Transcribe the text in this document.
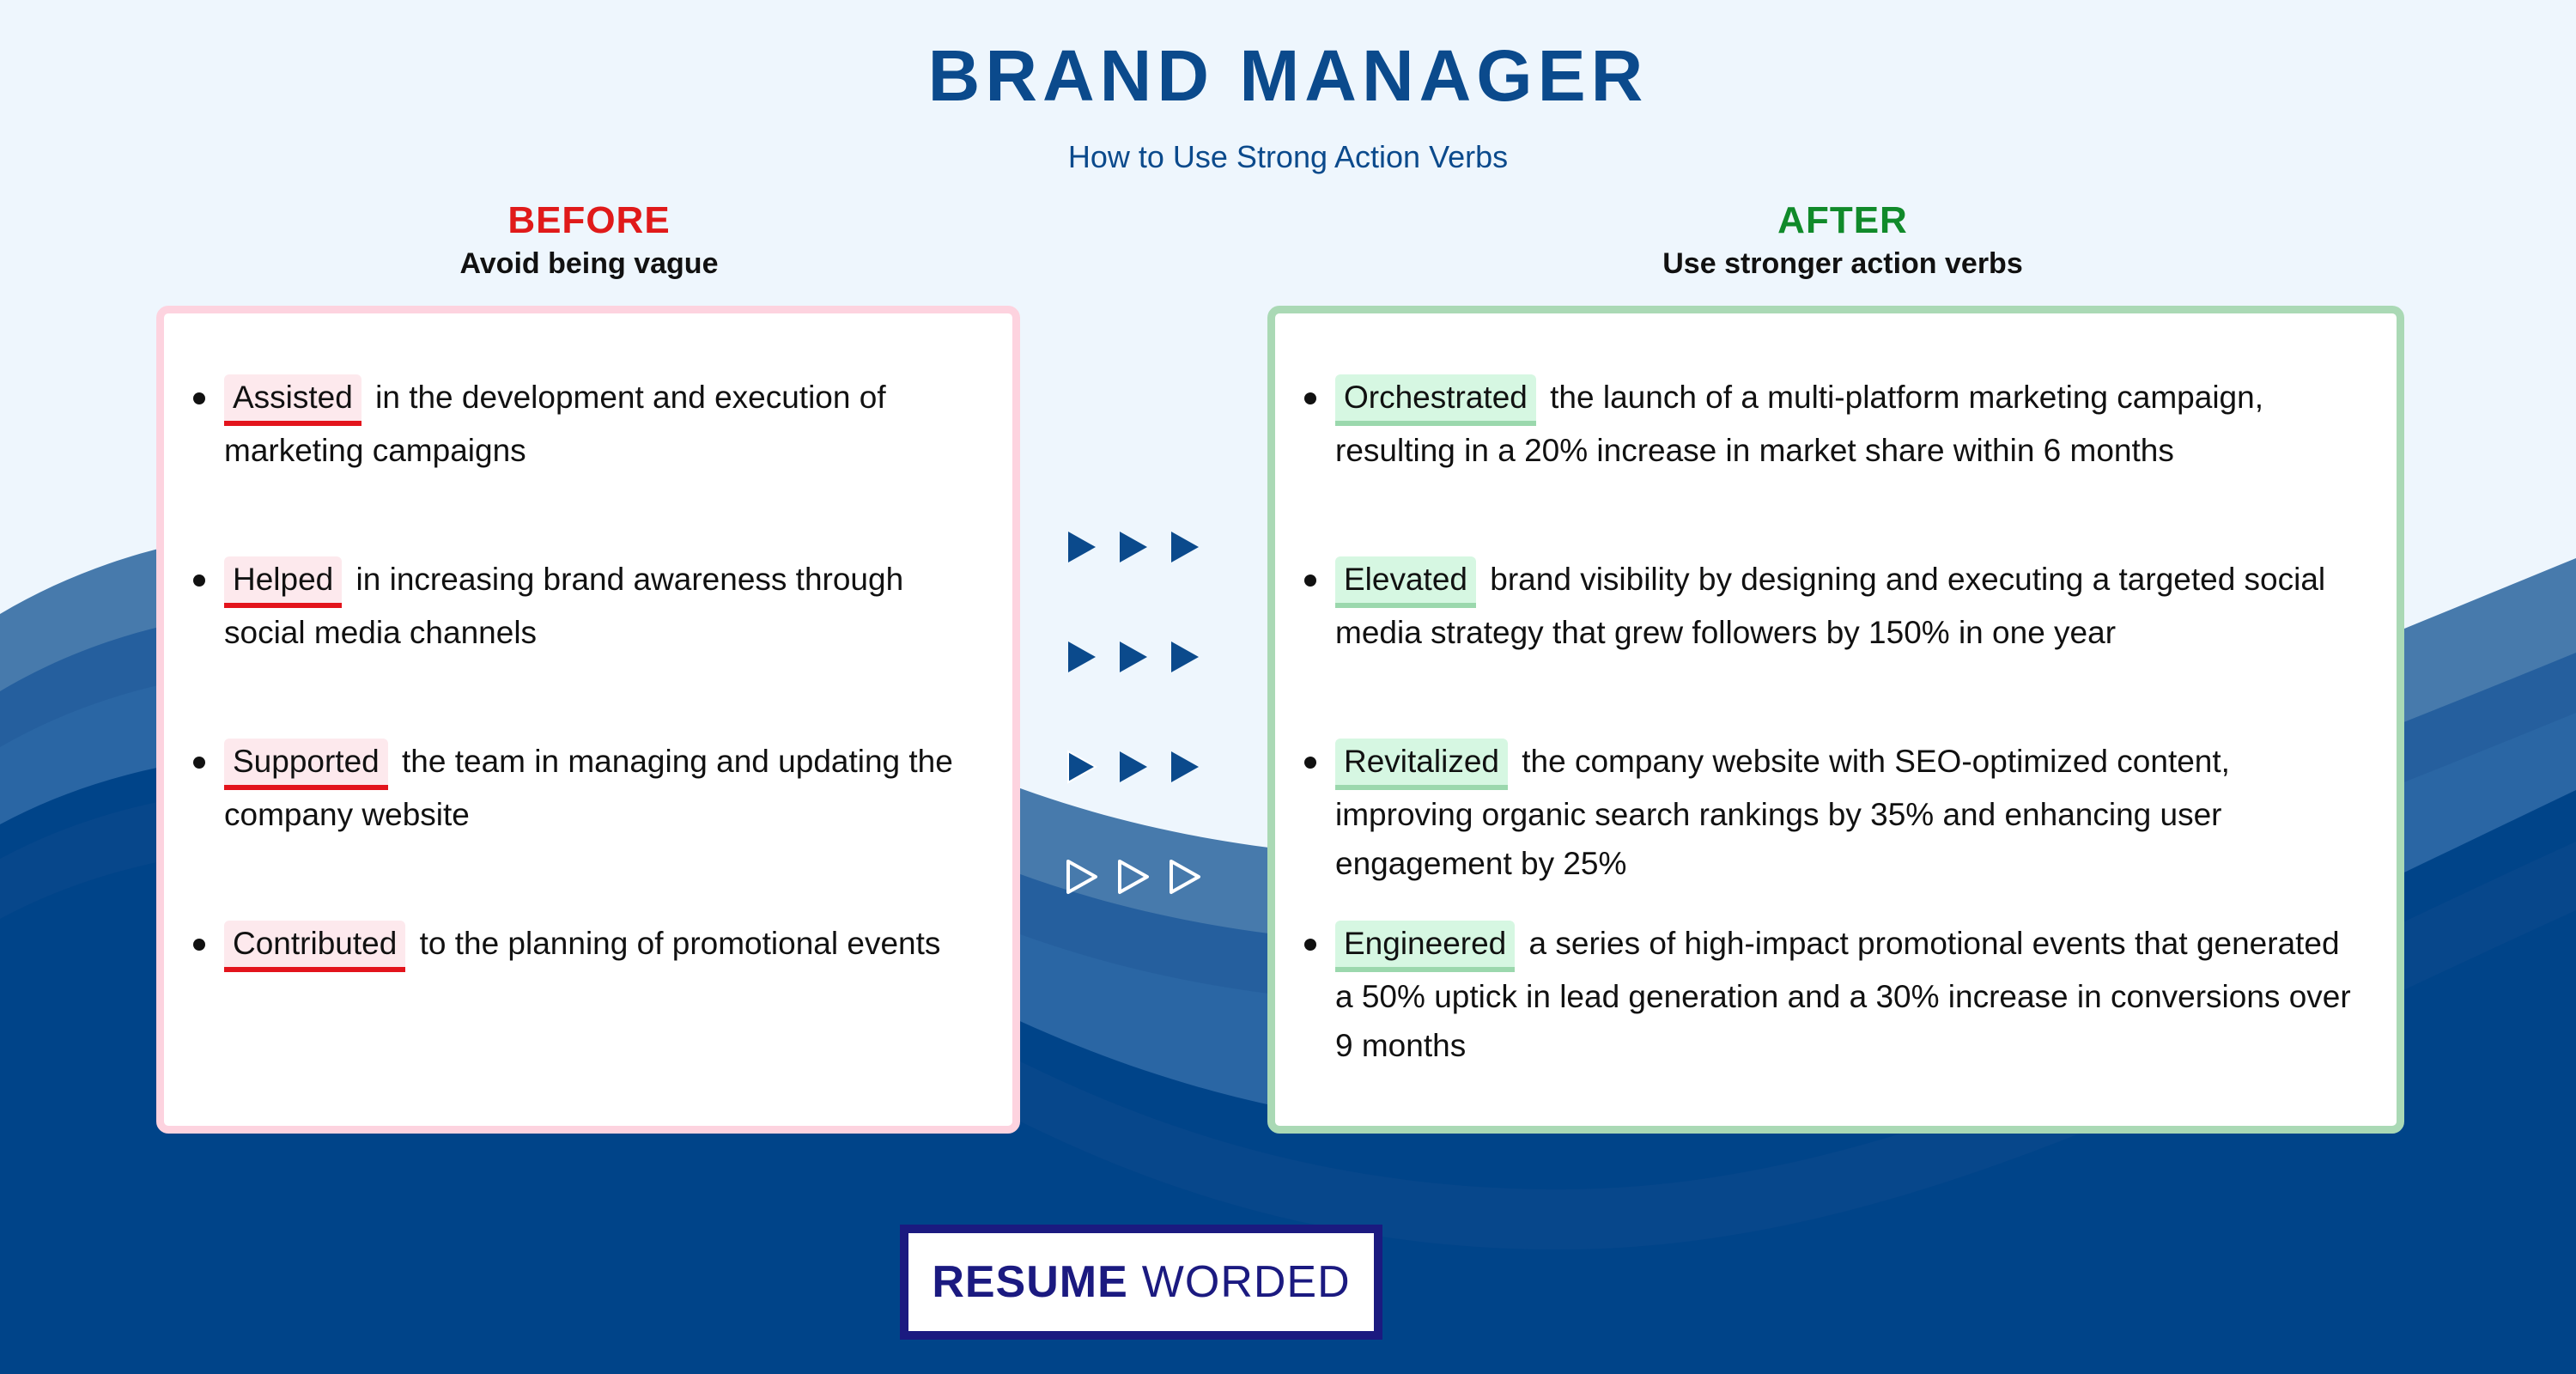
BRAND MANAGER
How to Use Strong Action Verbs
BEFORE
Avoid being vague
AFTER
Use stronger action verbs
Assisted in the development and execution of marketing campaigns
Helped in increasing brand awareness through social media channels
Supported the team in managing and updating the company website
Contributed to the planning of promotional events
Orchestrated the launch of a multi-platform marketing campaign, resulting in a 20% increase in market share within 6 months
Elevated brand visibility by designing and executing a targeted social media strategy that grew followers by 150% in one year
Revitalized the company website with SEO-optimized content, improving organic search rankings by 35% and enhancing user engagement by 25%
Engineered a series of high-impact promotional events that generated a 50% uptick in lead generation and a 30% increase in conversions over 9 months
RESUME WORDED
